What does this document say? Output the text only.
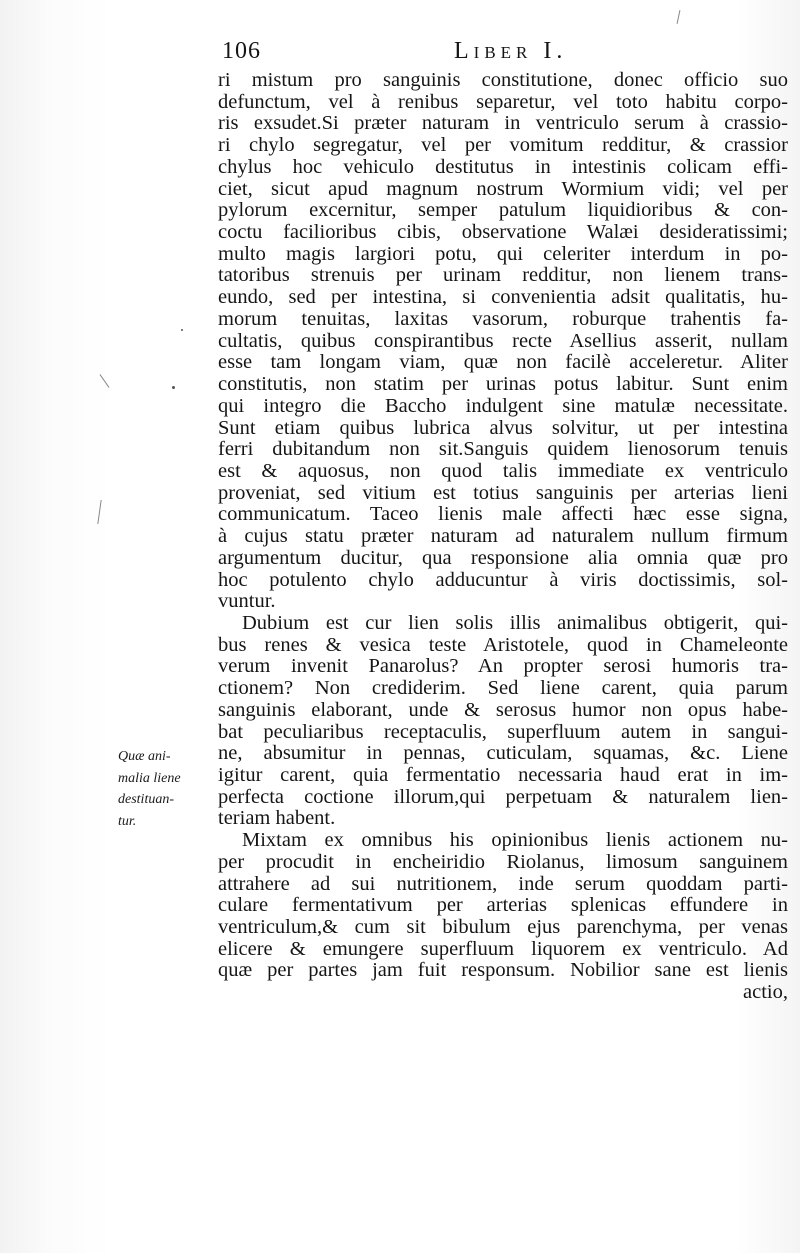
106	Liber I.
Quæ ani-
malia liene
destituan-
tur.
ri mistum pro sanguinis constitutione, donec officio suo
defunctum, vel à renibus separetur, vel toto habitu corpo-
ris exsudet.Si præter naturam in ventriculo serum à crassio-
ri chylo segregatur, vel per vomitum redditur, & crassior
chylus hoc vehiculo destitutus in intestinis colicam effi-
ciet, sicut apud magnum nostrum Wormium vidi; vel per
pylorum excernitur, semper patulum liquidioribus & con-
coctu facilioribus cibis, observatione Walæi desideratissimi;
multo magis largiori potu, qui celeriter interdum in po-
tatoribus strenuis per urinam redditur, non lienem trans-
eundo, sed per intestina, si convenientia adsit qualitatis, hu-
morum tenuitas, laxitas vasorum, roburque trahentis fa-
cultatis, quibus conspirantibus recte Asellius asserit, nullam
esse tam longam viam, quæ non facilè acceleretur. Aliter
constitutis, non statim per urinas potus labitur. Sunt enim
qui integro die Baccho indulgent sine matulæ necessitate.
Sunt etiam quibus lubrica alvus solvitur, ut per intestina
ferri dubitandum non sit.Sanguis quidem lienosorum tenuis
est & aquosus, non quod talis immediate ex ventriculo
proveniat, sed vitium est totius sanguinis per arterias lieni
communicatum. Taceo lienis male affecti hæc esse signa,
à cujus statu præter naturam ad naturalem nullum firmum
argumentum ducitur, qua responsione alia omnia quæ pro
hoc potulento chylo adducuntur à viris doctissimis, sol-
vuntur.
Dubium est cur lien solis illis animalibus obtigerit, qui-
bus renes & vesica teste Aristotele, quod in Chameleonte
verum invenit Panarolus? An propter serosi humoris tra-
ctionem? Non crediderim. Sed liene carent, quia parum
sanguinis elaborant, unde & serosus humor non opus habe-
bat peculiaribus receptaculis, superfluum autem in sangui-
ne, absumitur in pennas, cuticulam, squamas, &c. Liene
igitur carent, quia fermentatio necessaria haud erat in im-
perfecta coctione illorum,qui perpetuam & naturalem lien-
teriam habent.
Mixtam ex omnibus his opinionibus lienis actionem nu-
per procudit in encheiridio Riolanus, limosum sanguinem
attrahere ad sui nutritionem, inde serum quoddam parti-
culare fermentativum per arterias splenicas effundere in
ventriculum,& cum sit bibulum ejus parenchyma, per venas
elicere & emungere superfluum liquorem ex ventriculo. Ad
quæ per partes jam fuit responsum. Nobilior sane est lienis
actio,
